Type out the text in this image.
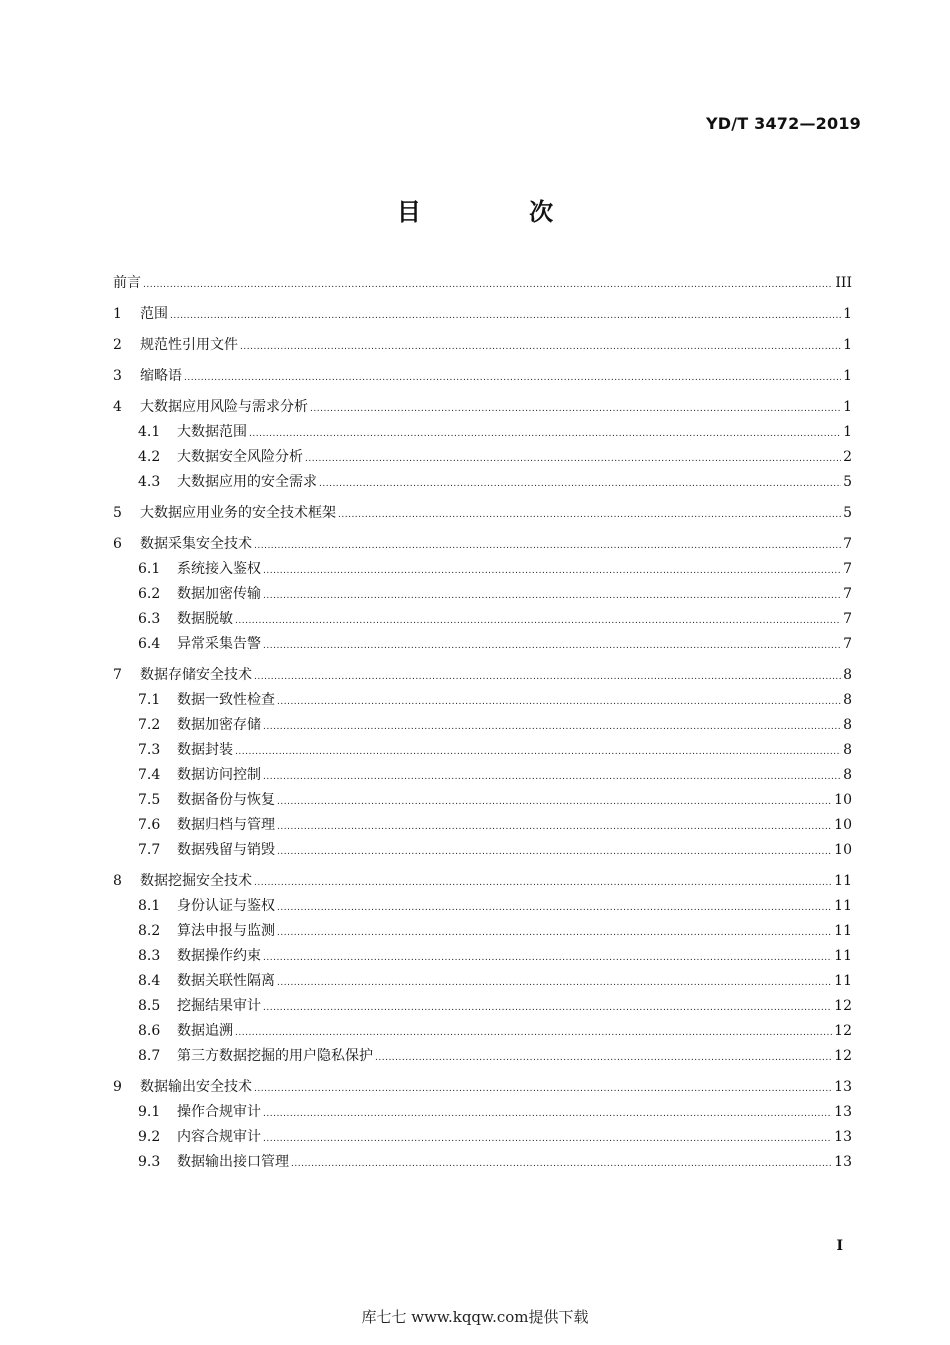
YD/T 3472—2019
目 次
前言 .....	III
1	范围 .....	1
2	规范性引用文件 .....	1
3	缩略语 .....	1
4	大数据应用风险与需求分析 .....	1
4.1	大数据范围 .....	1
4.2	大数据安全风险分析 .....	2
4.3	大数据应用的安全需求 .....	5
5	大数据应用业务的安全技术框架 .....	5
6	数据采集安全技术 .....	7
6.1	系统接入鉴权 .....	7
6.2	数据加密传输 .....	7
6.3	数据脱敏 .....	7
6.4	异常采集告警 .....	7
7	数据存储安全技术 .....	8
7.1	数据一致性检查 .....	8
7.2	数据加密存储 .....	8
7.3	数据封装 .....	8
7.4	数据访问控制 .....	8
7.5	数据备份与恢复 .....	10
7.6	数据归档与管理 .....	10
7.7	数据残留与销毁 .....	10
8	数据挖掘安全技术 .....	11
8.1	身份认证与鉴权 .....	11
8.2	算法申报与监测 .....	11
8.3	数据操作约束 .....	11
8.4	数据关联性隔离 .....	11
8.5	挖掘结果审计 .....	12
8.6	数据追溯 .....	12
8.7	第三方数据挖掘的用户隐私保护 .....	12
9	数据输出安全技术 .....	13
9.1	操作合规审计 .....	13
9.2	内容合规审计 .....	13
9.3	数据输出接口管理 .....	13
I
库七七 www.kqqw.com提供下载
